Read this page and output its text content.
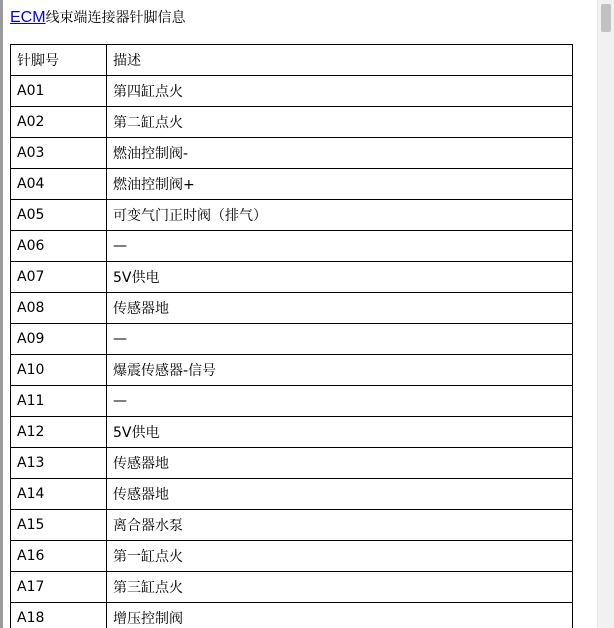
ECM线束端连接器针脚信息
针脚号	描述
A01	第四缸点火
A02	第二缸点火
A03	燃油控制阀-
A04	燃油控制阀+
A05	可变气门正时阀（排气）
A06	—
A07	5V供电
A08	传感器地
A09	—
A10	爆震传感器-信号
A11	—
A12	5V供电
A13	传感器地
A14	传感器地
A15	离合器水泵
A16	第一缸点火
A17	第三缸点火
A18	增压控制阀
